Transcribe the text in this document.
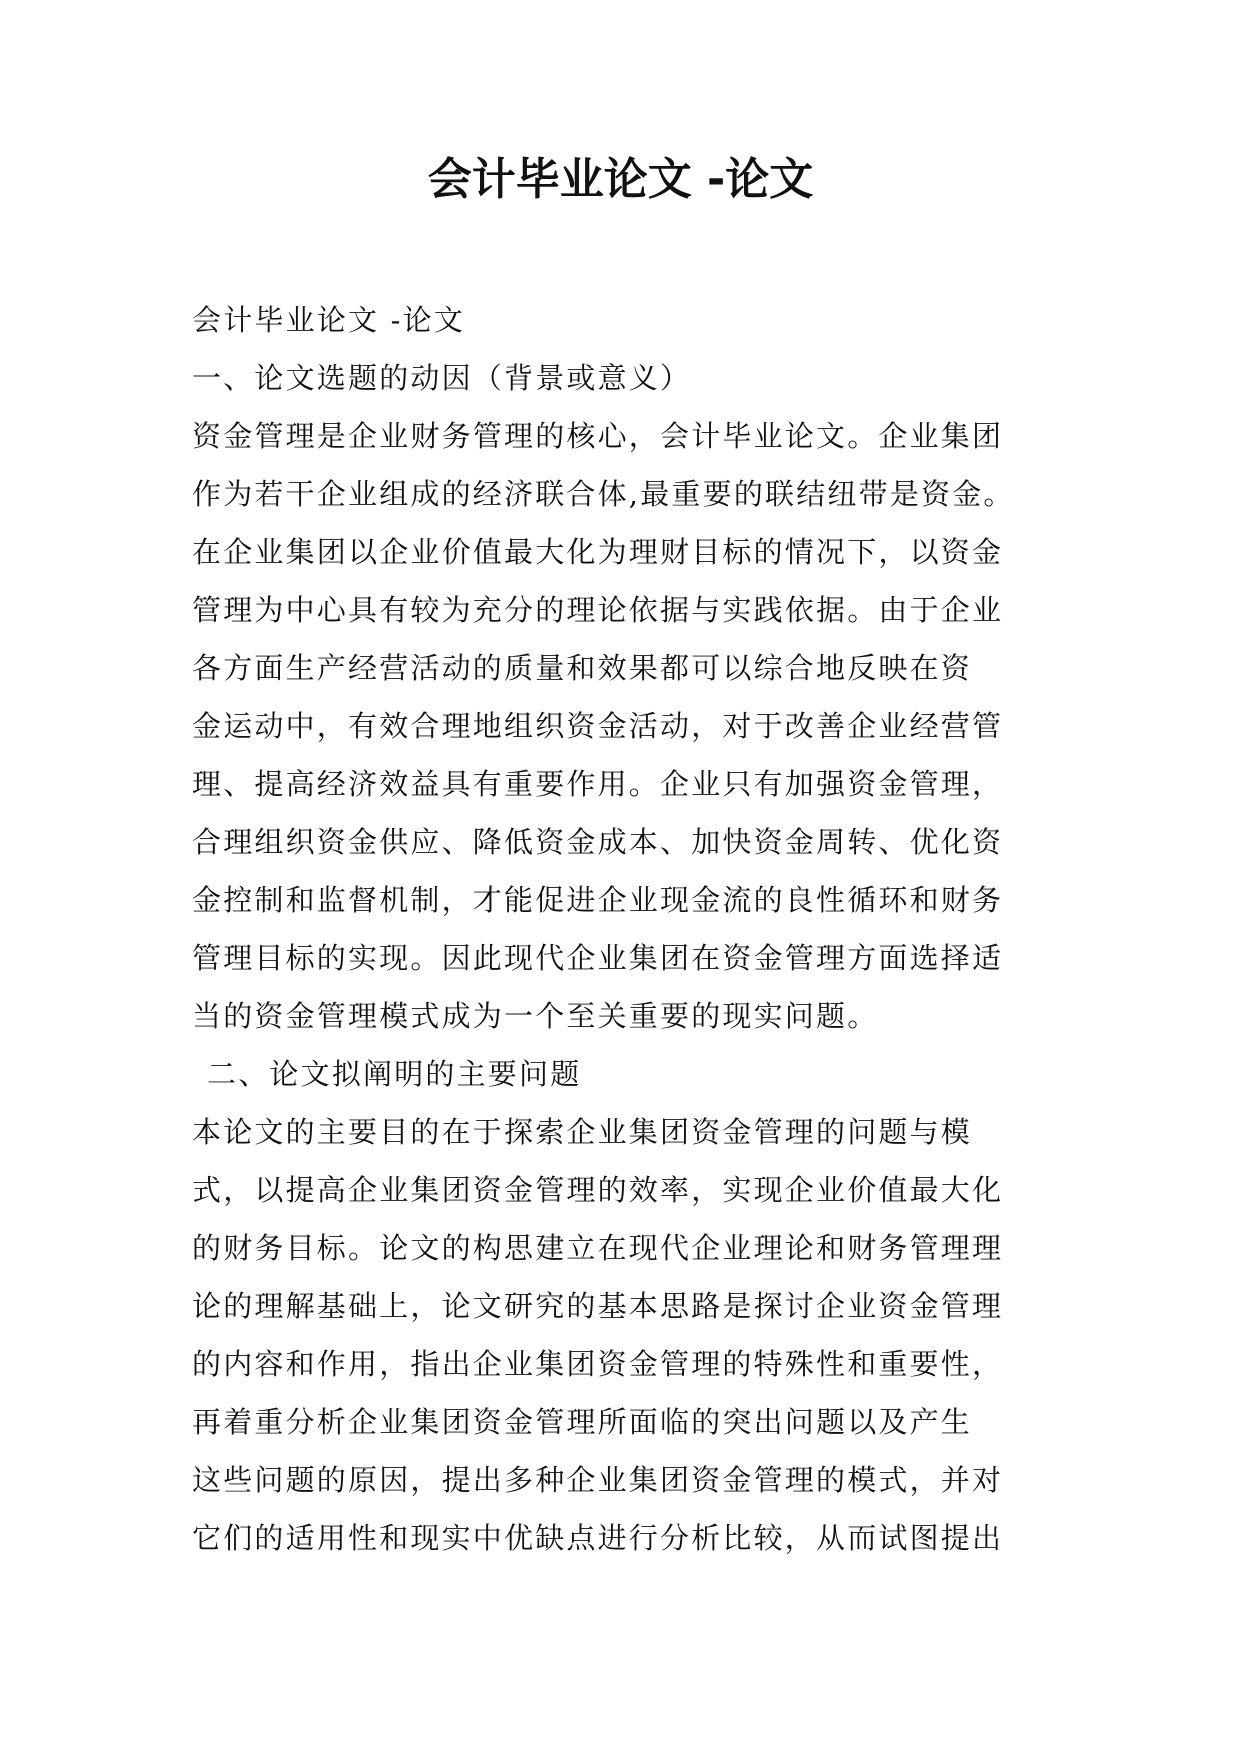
会计毕业论文 -论文
会计毕业论文 -论文
一、论文选题的动因（背景或意义）
资金管理是企业财务管理的核心，会计毕业论文。企业集团
作为若干企业组成的经济联合体,最重要的联结纽带是资金。
在企业集团以企业价值最大化为理财目标的情况下，以资金
管理为中心具有较为充分的理论依据与实践依据。由于企业
各方面生产经营活动的质量和效果都可以综合地反映在资
金运动中，有效合理地组织资金活动，对于改善企业经营管
理、提高经济效益具有重要作用。企业只有加强资金管理，
合理组织资金供应、降低资金成本、加快资金周转、优化资
金控制和监督机制，才能促进企业现金流的良性循环和财务
管理目标的实现。因此现代企业集团在资金管理方面选择适
当的资金管理模式成为一个至关重要的现实问题。
二、论文拟阐明的主要问题
本论文的主要目的在于探索企业集团资金管理的问题与模
式，以提高企业集团资金管理的效率，实现企业价值最大化
的财务目标。论文的构思建立在现代企业理论和财务管理理
论的理解基础上，论文研究的基本思路是探讨企业资金管理
的内容和作用，指出企业集团资金管理的特殊性和重要性，
再着重分析企业集团资金管理所面临的突出问题以及产生
这些问题的原因，提出多种企业集团资金管理的模式，并对
它们的适用性和现实中优缺点进行分析比较，从而试图提出
